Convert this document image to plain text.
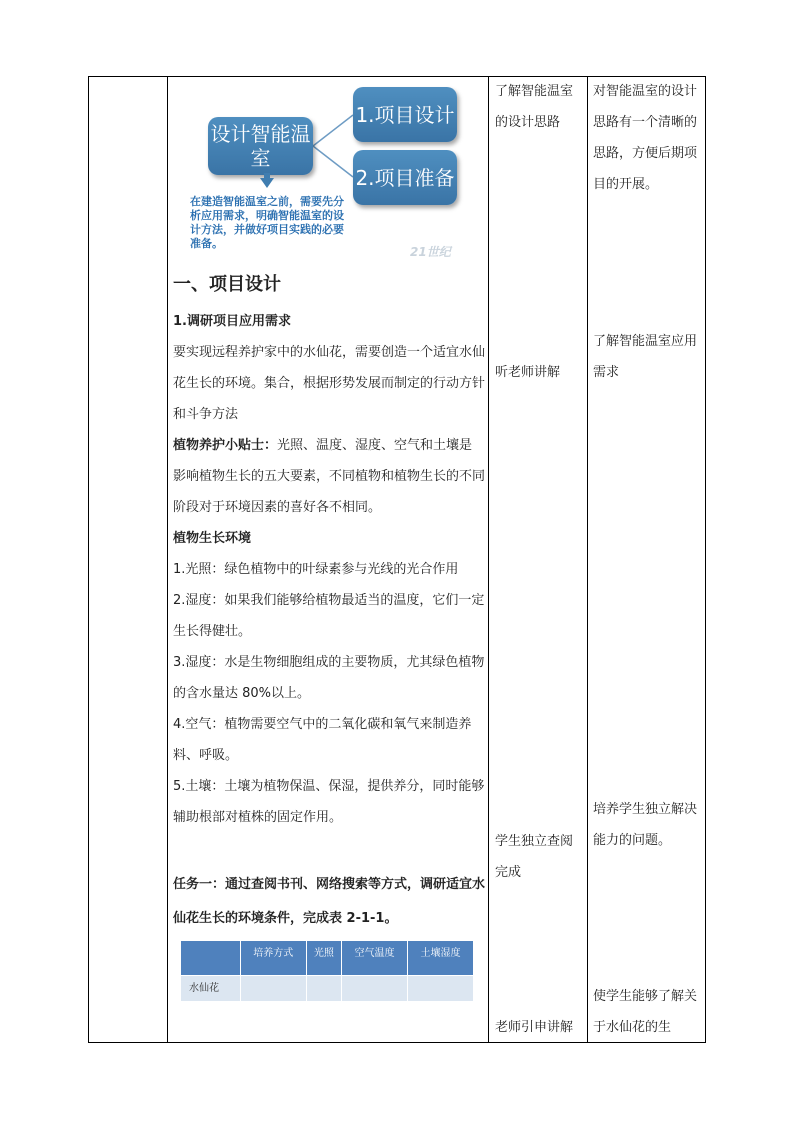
设计智能温室
1.项目设计
2.项目准备
在建造智能温室之前，需要先分析应用需求，明确智能温室的设计方法，并做好项目实践的必要准备。
21世纪
一、项目设计
1.调研项目应用需求
要实现远程养护家中的水仙花，需要创造一个适宜水仙花生长的环境。集合，根据形势发展而制定的行动方针和斗争方法
植物养护小贴士：光照、温度、湿度、空气和土壤是影响植物生长的五大要素，不同植物和植物生长的不同阶段对于环境因素的喜好各不相同。
植物生长环境
1.光照：绿色植物中的叶绿素参与光线的光合作用
2.湿度：如果我们能够给植物最适当的温度，它们一定生长得健壮。
3.湿度：水是生物细胞组成的主要物质，尤其绿色植物的含水量达 80%以上。
4.空气：植物需要空气中的二氧化碳和氧气来制造养料、呼吸。
5.土壤：土壤为植物保温、保湿，提供养分，同时能够辅助根部对植株的固定作用。
任务一：通过查阅书刊、网络搜索等方式，调研适宜水仙花生长的环境条件，完成表 2-1-1。
	培养方式	光照	空气温度	土壤湿度
水仙花				
了解智能温室的设计思路
听老师讲解
学生独立查阅完成
老师引申讲解
对智能温室的设计思路有一个清晰的思路，方便后期项目的开展。
了解智能温室应用需求
培养学生独立解决能力的问题。
使学生能够了解关于水仙花的生
